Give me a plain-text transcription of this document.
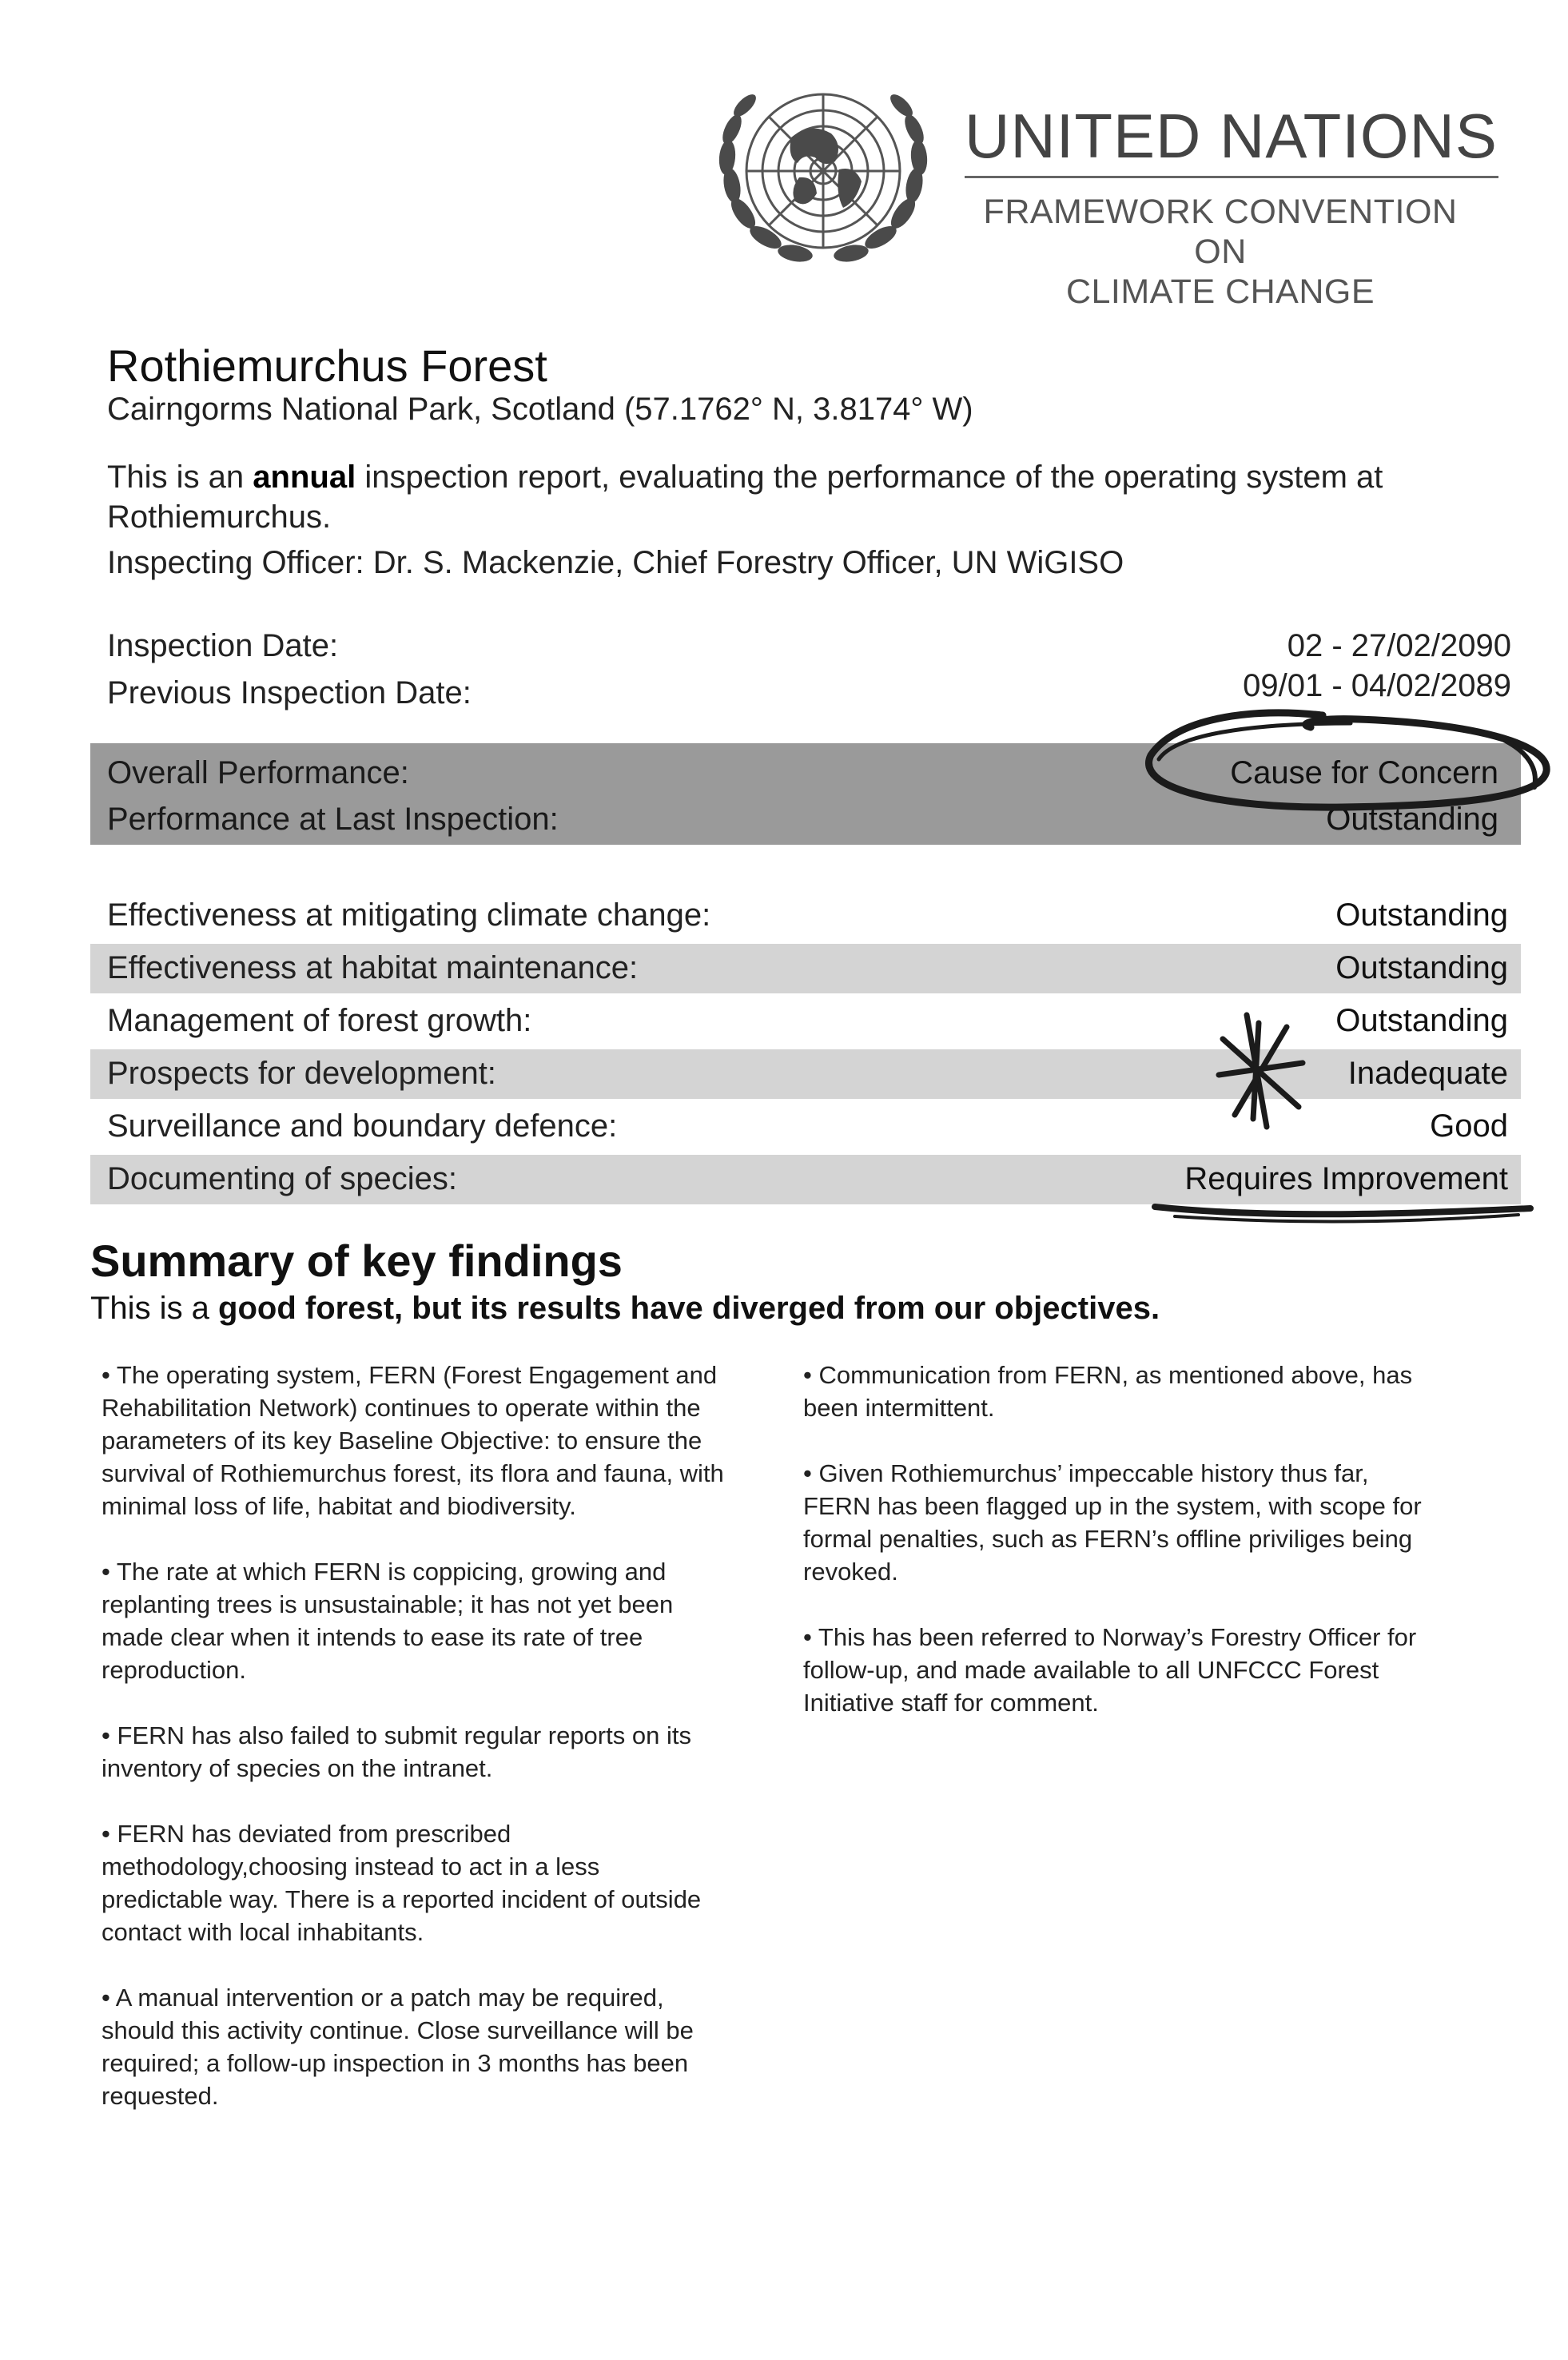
UNITED NATIONS
FRAMEWORK CONVENTION ON
CLIMATE CHANGE
Rothiemurchus Forest
Cairngorms National Park, Scotland (57.1762° N, 3.8174° W)
This is an annual inspection report, evaluating the performance of the operating system at Rothiemurchus.
Inspecting Officer: Dr. S. Mackenzie, Chief Forestry Officer, UN WiGISO
Inspection Date:	02 - 27/02/2090
Previous Inspection Date:	09/01 - 04/02/2089
Overall Performance:	Cause for Concern
Performance at Last Inspection:	Outstanding
Effectiveness at mitigating climate change:	Outstanding
Effectiveness at habitat maintenance:	Outstanding
Management of forest growth:	Outstanding
Prospects for development:	Inadequate
Surveillance and boundary defence:	Good
Documenting of species:	Requires Improvement
Summary of key findings
This is a good forest, but its results have diverged from our objectives.

• The operating system, FERN (Forest Engagement and Rehabilitation Network) continues to operate within the parameters of its key Baseline Objective: to ensure the survival of Rothiemurchus forest, its flora and fauna, with minimal loss of life, habitat and biodiversity.

• The rate at which FERN is coppicing, growing and replanting trees is unsustainable; it has not yet been made clear when it intends to ease its rate of tree reproduction.

• FERN has also failed to submit regular reports on its inventory of species on the intranet.

• FERN has deviated from prescribed methodology,choosing instead to act in a less predictable way. There is a reported incident of outside contact with local inhabitants.

• A manual intervention or a patch may be required, should this activity continue. Close surveillance will be required; a follow-up inspection in 3 months has been requested.

• Communication from FERN, as mentioned above, has been intermittent.

• Given Rothiemurchus’ impeccable history thus far, FERN has been flagged up in the system, with scope for formal penalties, such as FERN’s offline priviliges being revoked.

• This has been referred to Norway’s Forestry Officer for follow-up, and made available to all UNFCCC Forest Initiative staff for comment.
